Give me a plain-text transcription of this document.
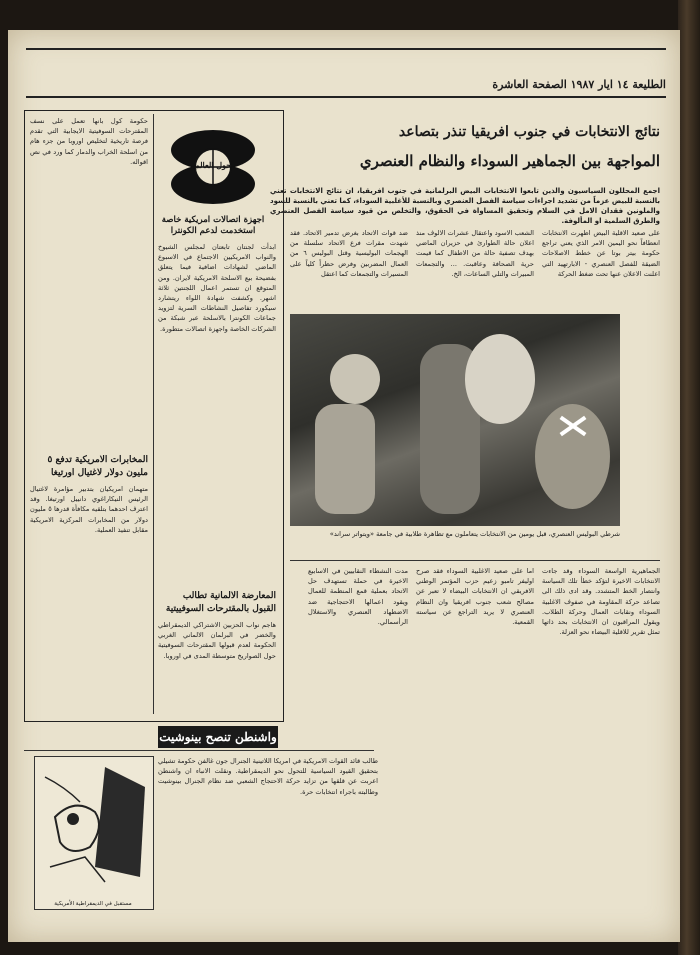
الطليعة ١٤ ايار ١٩٨٧ الصفحة العاشرة
نتائج الانتخابات في جنوب افريقيا تنذر بتصاعد
المواجهة بين الجماهير السوداء والنظام العنصري
اجمع المحللون السياسيون والذين تابعوا الانتخابات البيض البرلمانية في جنوب افريقيا، ان نتائج الانتخابات تعني بالنسبة للبيض عزماً من تشديد اجراءات سياسة الفصل العنصري وبالنسبة للأغلبية السوداء، كما تعني بالنسبة للسود والملونين فقدان الامل في السلام وتحقيق المساواة في الحقوق، والتخلص من قيود سياسة الفصل العنصري والطرق السلمية او المألوفة.
على صعيد الاقلية البيض اظهرت الانتخابات انعطافاً نحو اليمين الامر الذي يعني تراجع حكومة بيتر بوتا عن خطط الاصلاحات الضيقة للفصل العنصري - الابارتهيد التي اعلنت الاعلان عنها تحت ضغط الحركة
الشعب الاسود واعتقال عشرات الالوف منذ اعلان حالة الطوارئ في حزيران الماضي بهدف تصفية حالة من الاطفال كما قيمت حرية الصحافة وعاقبت. ... والتجمعات المبيرات والتلي الساعات، الخ.
ضد قوات الاتحاد بغرض تدمير الاتحاد. فقد شهدت مقرات فرع الاتحاد سلسلة من الهجمات البوليسية وقتل البوليس ٦ من العمال المضربين وفرض حظراً كلياً على المسيرات والتجمعات كما اعتقل
شرطي البوليس العنصري، قبل يومين من الانتخابات يتعاملون مع تظاهرة طلابية في جامعة «ويتواتر سراند»
الجماهيرية الواسعة السوداء وقد جاءت الانتخابات الاخيرة لتؤكد خطأ تلك السياسة وانتصار الخط المتشدد. وقد ادى ذلك الى تصاعد حركة المقاومة في صفوف الاغلبية السوداء ونقابات العمال وحركة الطلاب. ويقول المراقبون ان الانتخابات بحد ذاتها تمثل تقرير للاقلية البيضاء نحو العزلة.
اما على صعيد الاغلبية السوداء فقد صرح اوليفر تامبو زعيم حزب المؤتمر الوطني الافريقي ان الانتخابات البيضاء لا تعبر عن مصالح شعب جنوب افريقيا وان النظام العنصري لا يريد التراجع عن سياسته القمعية.
مدت النشطاء النقابيين في الاسابيع الاخيرة في حملة تستهدف حل الاتحاد بعملية قمع المنظمة للعمال ويقود اعمالها الاحتجاجية ضد الاضطهاد العنصري والاستغلال الرأسمالي.
حول العالم
اجهزة اتصالات امريكية خاصة استخدمت لدعم الكونترا
ابدأت لجنتان تابعتان لمجلس الشيوخ والنواب الامريكيين الاجتماع في الاسبوع الماضي لشهادات اضافية فيما يتعلق بفضيحة بيع الاسلحة الامريكية لايران. ومن المتوقع ان تستمر اعمال اللجنتين ثلاثة اشهر. وكشفت شهادة اللواء ريتشارد سيكورد تفاصيل النشاطات السرية لتزويد جماعات الكونترا بالاسلحة عبر شبكة من الشركات الخاصة واجهزة اتصالات متطورة.
المعارضة الالمانية تطالب القبول بالمقترحات السوفييتية
هاجم نواب الحزبين الاشتراكي الديمقراطي والخضر في البرلمان الالماني الغربي الحكومة لعدم قبولها المقترحات السوفيتية حول الصواريخ متوسطة المدى في اوروبا.
حكومة كول بانها تعمل على نسف المقترحات السوفيتية الايجابية التي تقدم فرصة تاريخية لتخليص اوروبا من جزء هام من اسلحة الخراب والدمار كما ورد في نص اقواله.
المخابرات الامريكية تدفع ٥ مليون دولار لاغتيال اورتيغا
متهمان امريكيان بتدبير مؤامرة لاغتيال الرئيس النيكاراغوي دانييل اورتيغا. وقد اعترف احدهما بتلقيه مكافأة قدرها ٥ مليون دولار من المخابرات المركزية الامريكية مقابل تنفيذ العملية.
واشنطن تنصح بينوشيت
طالب قائد القوات الامريكية في امريكا اللاتينية الجنرال جون غالفن حكومة تشيلي بتحقيق القيود السياسية للتحول نحو الديمقراطية. ونقلت الانباء ان واشنطن اعربت عن قلقها من تزايد حركة الاحتجاج الشعبي ضد نظام الجنرال بينوشيت وطالبته باجراء انتخابات حرة.
مستقبل في الديمقراطية الأمريكية
